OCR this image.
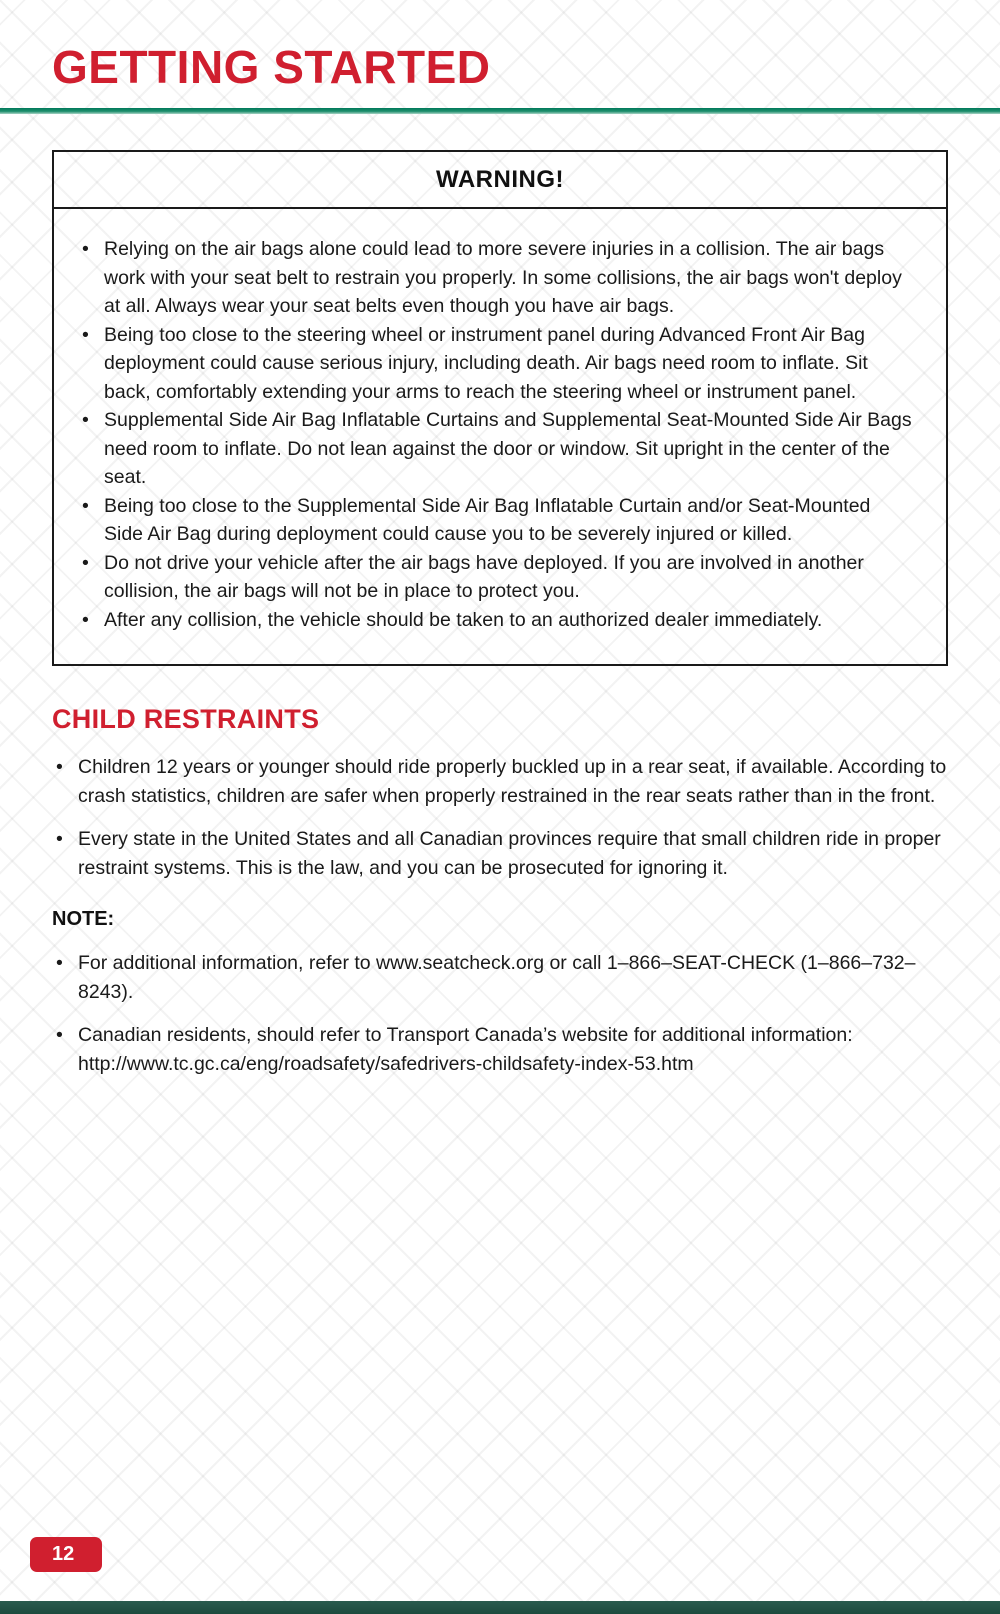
GETTING STARTED
WARNING!
• Relying on the air bags alone could lead to more severe injuries in a collision. The air bags work with your seat belt to restrain you properly. In some collisions, the air bags won't deploy at all. Always wear your seat belts even though you have air bags.
• Being too close to the steering wheel or instrument panel during Advanced Front Air Bag deployment could cause serious injury, including death. Air bags need room to inflate. Sit back, comfortably extending your arms to reach the steering wheel or instrument panel.
• Supplemental Side Air Bag Inflatable Curtains and Supplemental Seat-Mounted Side Air Bags need room to inflate. Do not lean against the door or window. Sit upright in the center of the seat.
• Being too close to the Supplemental Side Air Bag Inflatable Curtain and/or Seat-Mounted Side Air Bag during deployment could cause you to be severely injured or killed.
• Do not drive your vehicle after the air bags have deployed. If you are involved in another collision, the air bags will not be in place to protect you.
• After any collision, the vehicle should be taken to an authorized dealer immediately.
CHILD RESTRAINTS
• Children 12 years or younger should ride properly buckled up in a rear seat, if available. According to crash statistics, children are safer when properly restrained in the rear seats rather than in the front.
• Every state in the United States and all Canadian provinces require that small children ride in proper restraint systems. This is the law, and you can be prosecuted for ignoring it.
NOTE:
• For additional information, refer to www.seatcheck.org or call 1–866–SEAT-CHECK (1–866–732–8243).
• Canadian residents, should refer to Transport Canada’s website for additional information: http://www.tc.gc.ca/eng/roadsafety/safedrivers-childsafety-index-53.htm
12
